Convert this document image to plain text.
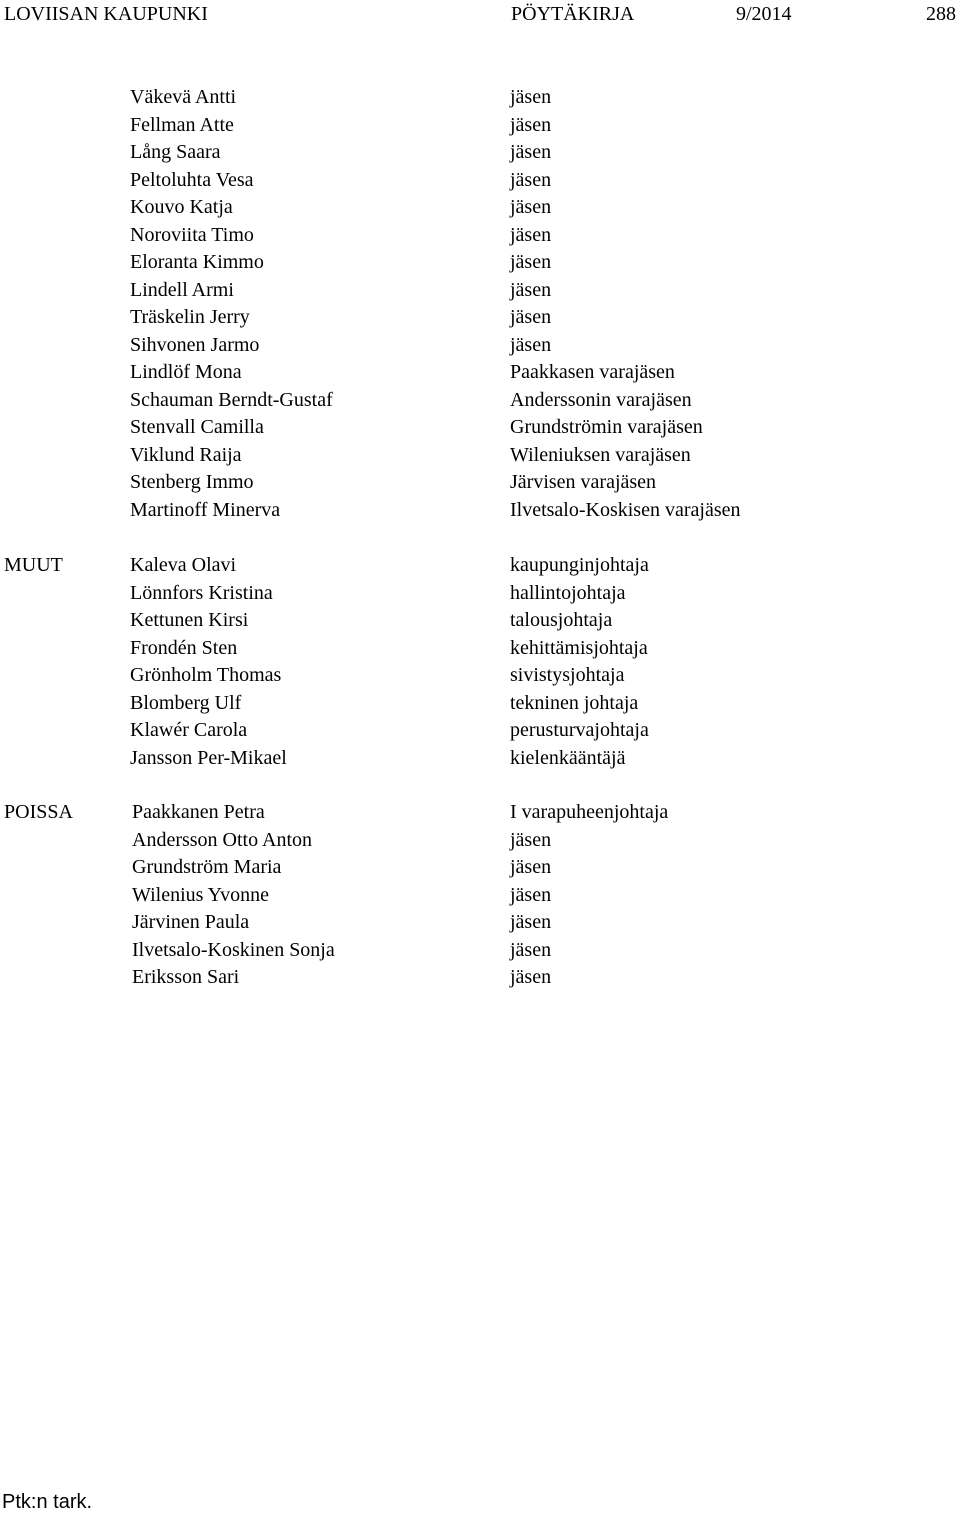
LOVIISAN KAUPUNKI	PÖYTÄKIRJA	9/2014	288
Väkevä Antti	jäsen
Fellman Atte	jäsen
Lång Saara	jäsen
Peltoluhta Vesa	jäsen
Kouvo Katja	jäsen
Noroviita Timo	jäsen
Eloranta Kimmo	jäsen
Lindell Armi	jäsen
Träskelin Jerry	jäsen
Sihvonen Jarmo	jäsen
Lindlöf Mona	Paakkasen varajäsen
Schauman Berndt-Gustaf	Anderssonin varajäsen
Stenvall Camilla	Grundströmin varajäsen
Viklund Raija	Wileniuksen varajäsen
Stenberg Immo	Järvisen varajäsen
Martinoff Minerva	Ilvetsalo-Koskisen varajäsen
MUUT	Kaleva Olavi	kaupunginjohtaja
Lönnfors Kristina	hallintojohtaja
Kettunen Kirsi	talousjohtaja
Frondén Sten	kehittämisjohtaja
Grönholm Thomas	sivistysjohtaja
Blomberg Ulf	tekninen johtaja
Klawér Carola	perusturvajohtaja
Jansson Per-Mikael	kielenkääntäjä
POISSA	Paakkanen Petra	I varapuheenjohtaja
Andersson Otto Anton	jäsen
Grundström Maria	jäsen
Wilenius Yvonne	jäsen
Järvinen Paula	jäsen
Ilvetsalo-Koskinen Sonja	jäsen
Eriksson Sari	jäsen
Ptk:n tark.
